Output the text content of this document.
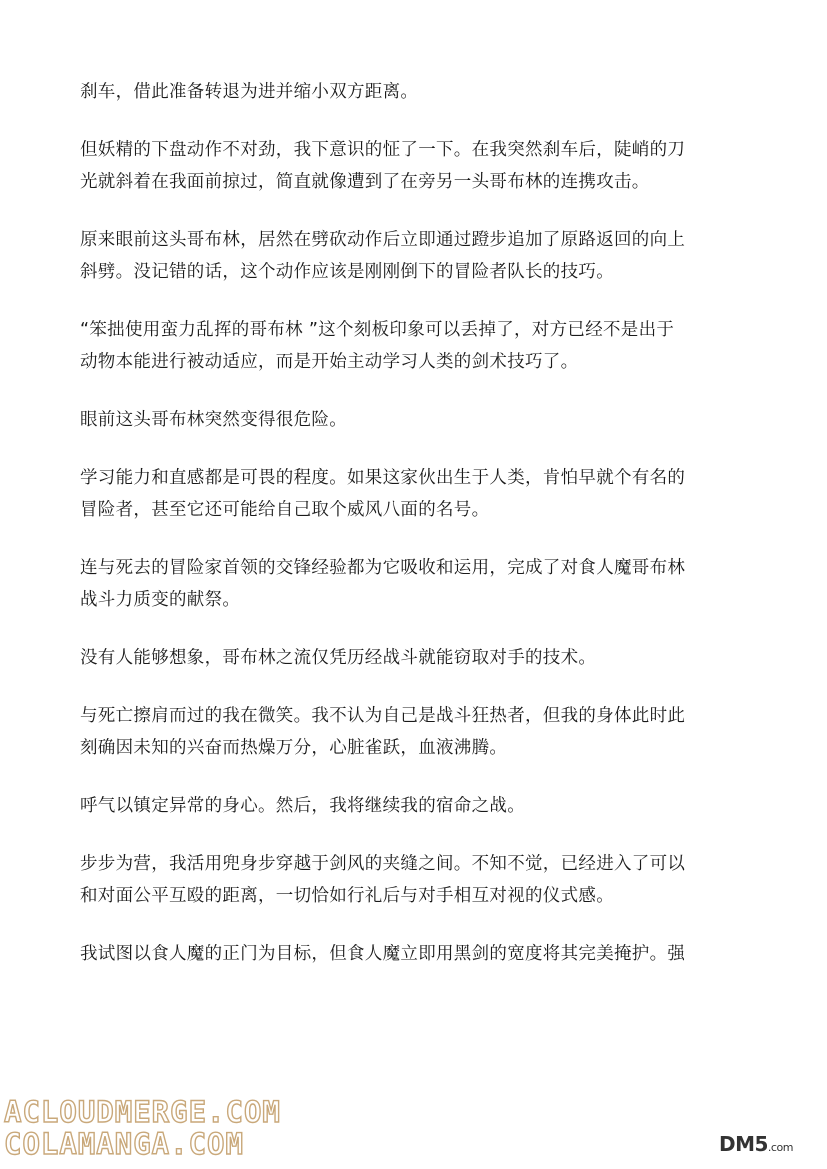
刹车，借此准备转退为进并缩小双方距离。

但妖精的下盘动作不对劲，我下意识的怔了一下。在我突然刹车后，陡峭的刀
光就斜着在我面前掠过，简直就像遭到了在旁另一头哥布林的连携攻击。

原来眼前这头哥布林，居然在劈砍动作后立即通过蹬步追加了原路返回的向上
斜劈。没记错的话，这个动作应该是刚刚倒下的冒险者队长的技巧。

“笨拙使用蛮力乱挥的哥布林 ”这个刻板印象可以丢掉了，对方已经不是出于
动物本能进行被动适应，而是开始主动学习人类的剑术技巧了。

眼前这头哥布林突然变得很危险。

学习能力和直感都是可畏的程度。如果这家伙出生于人类，肯怕早就个有名的
冒险者，甚至它还可能给自己取个威风八面的名号。

连与死去的冒险家首领的交锋经验都为它吸收和运用，完成了对食人魔哥布林
战斗力质变的献祭。

没有人能够想象，哥布林之流仅凭历经战斗就能窃取对手的技术。

与死亡擦肩而过的我在微笑。我不认为自己是战斗狂热者，但我的身体此时此
刻确因未知的兴奋而热燥万分，心脏雀跃，血液沸腾。

呼气以镇定异常的身心。然后，我将继续我的宿命之战。

步步为营，我活用兜身步穿越于剑风的夹缝之间。不知不觉，已经进入了可以
和对面公平互殴的距离，一切恰如行礼后与对手相互对视的仪式感。

我试图以食人魔的正门为目标，但食人魔立即用黑剑的宽度将其完美掩护。强

ACLOUDMERGE.COM
COLAMANGA.COM	DM5.com
